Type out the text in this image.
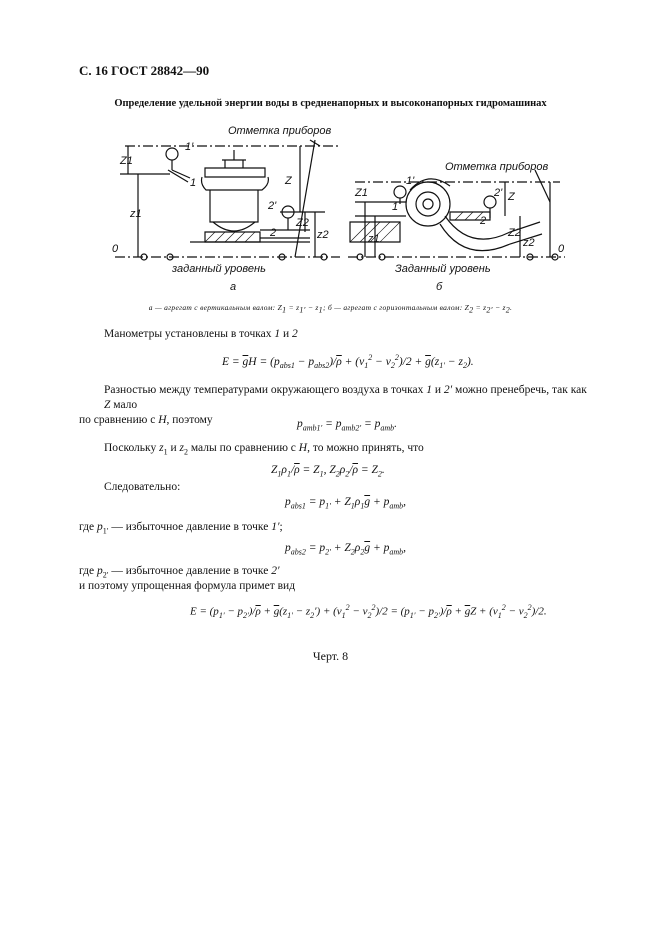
С. 16 ГОСТ 28842—90
Определение удельной энергии воды в средненапорных и высоконапорных гидромашинах
Отметка приборов
заданный уровень
а
1'
1
2'
2
0
Z1
z1
Z
Z2
z2
Отметка приборов
Заданный уровень
б
1'
1
2'
2
0
Z1
z1
Z
Z2
z2
а — агрегат с вертикальным валом: $Z_1 = z_{1'} - z_1$; б — агрегат с горизонтальным валом: $Z_2 = z_{2'} - z_2$.
Манометры установлены в точках 1 и 2
$E = \overline{g}H = (p_{abs1} - p_{abs2})/\overline{\rho} + (v_1^2 - v_2^2)/2 + \overline{g}(z_{1'} - z_2)$.
Разностью между температурами окружающего воздуха в точках 1 и 2′ можно пренебречь, так как Z мало
по сравнению с H, поэтому	$p_{amb1'} = p_{amb2'} = p_{amb}$.
Поскольку $z_1$ и $z_2$ малы по сравнению с H, то можно принять, что
$Z_1\rho_1/\overline{\rho} = Z_1$, $Z_2\rho_2/\overline{\rho} = Z_2$.
Следовательно:
$p_{abs1} = p_{1'} + Z_1\rho_1\overline{g} + p_{amb}$,
где $p_{1'}$ — избыточное давление в точке 1′;
$p_{abs2} = p_{2'} + Z_2\rho_2\overline{g} + p_{amb}$,
где $p_{2'}$ — избыточное давление в точке 2′
и поэтому упрощенная формула примет вид
$E = (p_{1'} - p_{2'})/\overline{\rho} + \overline{g}(z_{1'} - z_2') + (v_1^2 - v_2^2)/2 = (p_{1'} - p_{2'})/\overline{\rho} + \overline{g}Z + (v_1^2 - v_2^2)/2$.
Черт. 8
